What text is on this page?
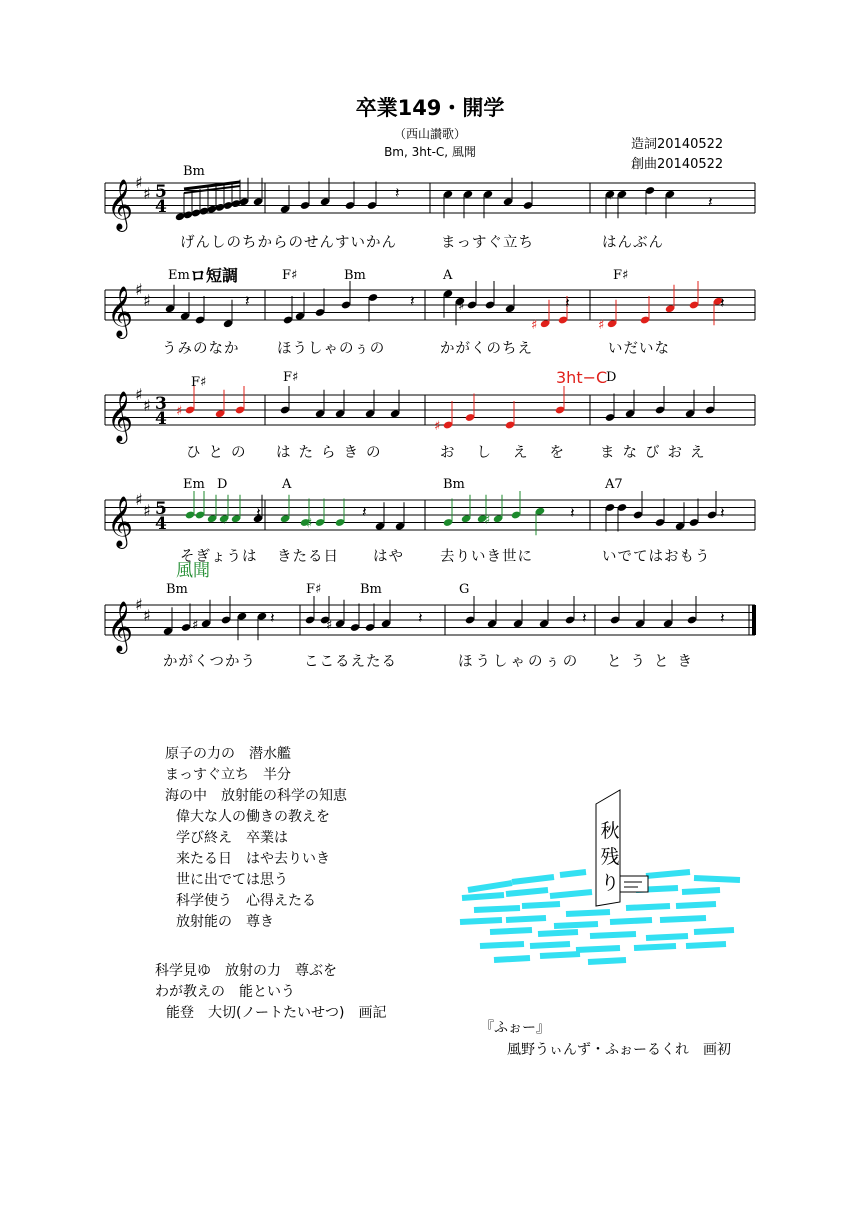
卒業149・開学
（西山讃歌）
Bm, 3ht-C, 風聞	造詞20140522
創曲20140522
𝄞 ♯
♯ 5
4
♯
𝄞 ♯
♯	♯
♯	♯
𝄞 ♯
♯ 3
4 ♯
♯
𝄞 ♯
♯ 5
4	♯	♯	♯
𝄞 ♯
♯
♯	♯
𝄽	𝄽
𝄽	𝄽	𝄽	𝄽
𝄽	𝄽	𝄽	𝄽
𝄽	𝄽	𝄽	𝄽
Bm
Em ロ短調	F♯	Bm	A	F♯
F♯	F♯	3ht−C
D
Em D	A	Bm	A7
風聞
Bm	F♯	Bm	G
げんしのちからのせんすいかん	まっすぐ立ち	はんぶん
うみのなか	ほうしゃのぅの	かがくのちえ	いだいな
ひとの はたらきの	おしえを まなびおえ
そぎょうは きたる日 はや 去りいき世に	いでてはおもう
かがくつかう	ここるえたる	ほうしゃのぅの とうとき
原子の力の　潜水艦
まっすぐ立ち　半分
海の中　放射能の科学の知恵
偉大な人の働きの教えを
学び終え　卒業は
来たる日　はや去りいき
世に出でては思う
科学使う　心得えたる
放射能の　尊き
科学見ゆ　放射の力　尊ぶを
わが教えの　能という
能登　大切(ノートたいせつ)　画記
秋
残
り
『ふぉー』
風野うぃんず・ふぉーるくれ　画初
